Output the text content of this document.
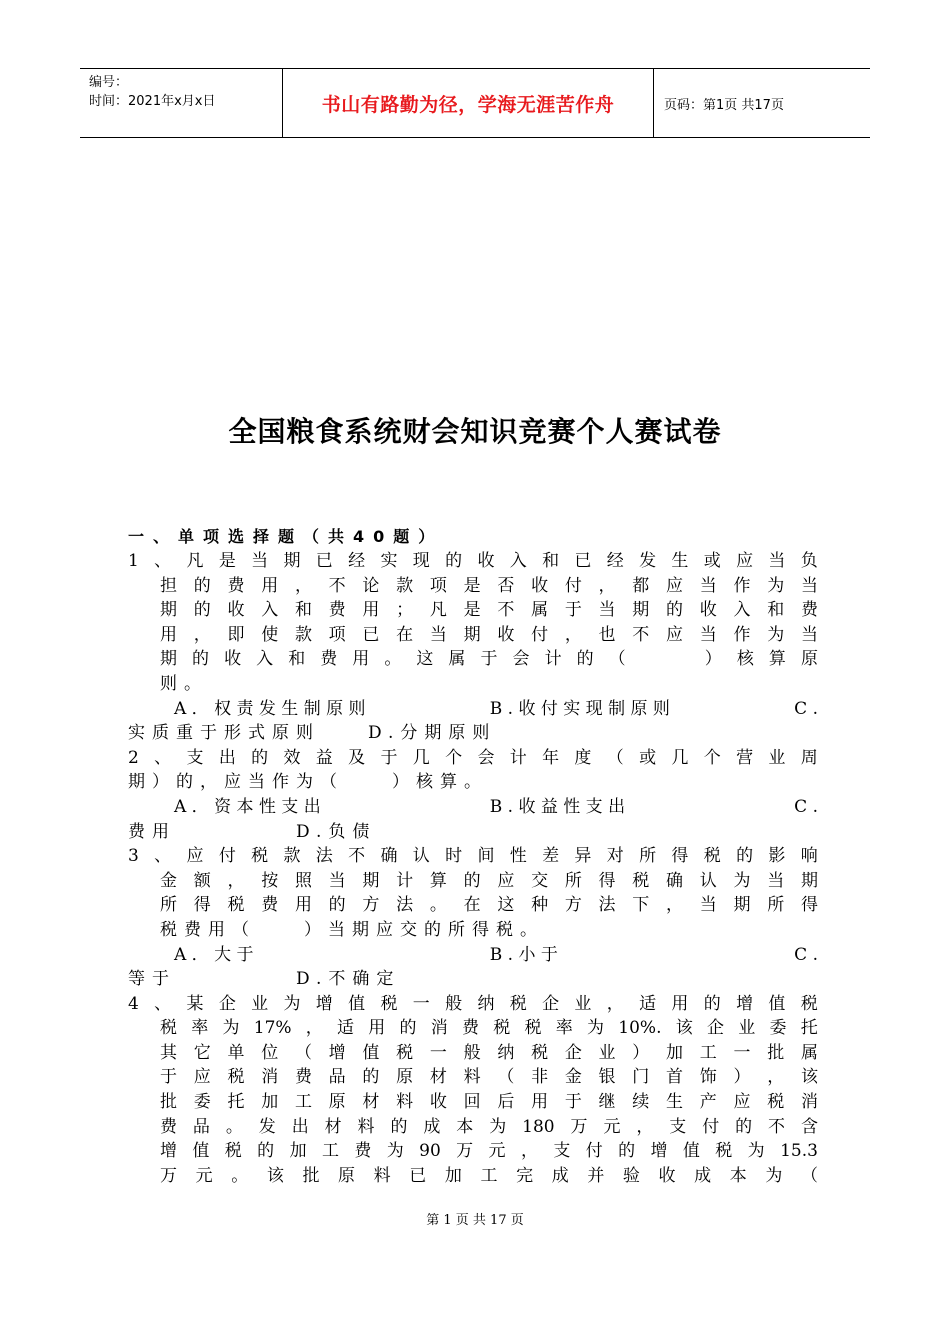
编号：
时间：2021年x月x日	书山有路勤为径，学海无涯苦作舟	页码：第1页 共17页
全国粮食系统财会知识竞赛个人赛试卷
一、单项选择题（共40题）
1 、 凡 是 当 期 已 经 实 现 的 收 入 和 已 经 发 生 或 应 当 负
担 的 费 用 ， 不 论 款 项 是 否 收 付 ， 都 应 当 作 为 当
期 的 收 入 和 费 用 ； 凡 是 不 属 于 当 期 的 收 入 和 费
用 ， 即 使 款 项 已 在 当 期 收 付 ， 也 不 应 当 作 为 当
期 的 收 入 和 费 用 。 这 属 于 会 计 的 （

　	） 核 算 原
则。
A ． 权 责 发 生 制 原 则	B . 收 付 实 现 制 原 则	C .
实质重于形式原则　　D.分期原则
2 、 支 出 的 效 益 及 于 几 个 会 计 年 度 （ 或 几 个 营 业 周
期）的，应当作为（　　）核算。
A ． 资 本 性 支 出	B . 收 益 性 支 出	C .
费用　　　　　D.负债
3 、 应 付 税 款 法 不 确 认 时 间 性 差 异 对 所 得 税 的 影 响
金 额 ， 按 照 当 期 计 算 的 应 交 所 得 税 确 认 为 当 期
所 得 税 费 用 的 方 法 。 在 这 种 方 法 下 ， 当 期 所 得
税费用（　　）当期应交的所得税。
A ． 大 于	B . 小 于	C .
等于　　　　　D.不确定
4 、 某 企 业 为 增 值 税 一 般 纳 税 企 业 ， 适 用 的 增 值 税
税 率 为 17% ， 适 用 的 消 费 税 税 率 为 10%. 该 企 业 委 托
其 它 单 位 （ 增 值 税 一 般 纳 税 企 业 ） 加 工 一 批 属
于 应 税 消 费 品 的 原 材 料 （ 非 金 银 门 首 饰 ） ， 该
批 委 托 加 工 原 材 料 收 回 后 用 于 继 续 生 产 应 税 消
费 品 。 发 出 材 料 的 成 本 为 180 万 元 ， 支 付 的 不 含
增 值 税 的 加 工 费 为 90 万 元 ， 支 付 的 增 值 税 为 15.3
万 元 。 该 批 原 料 已 加 工 完 成 并 验 收 成 本 为 （
第 1 页 共 17 页
